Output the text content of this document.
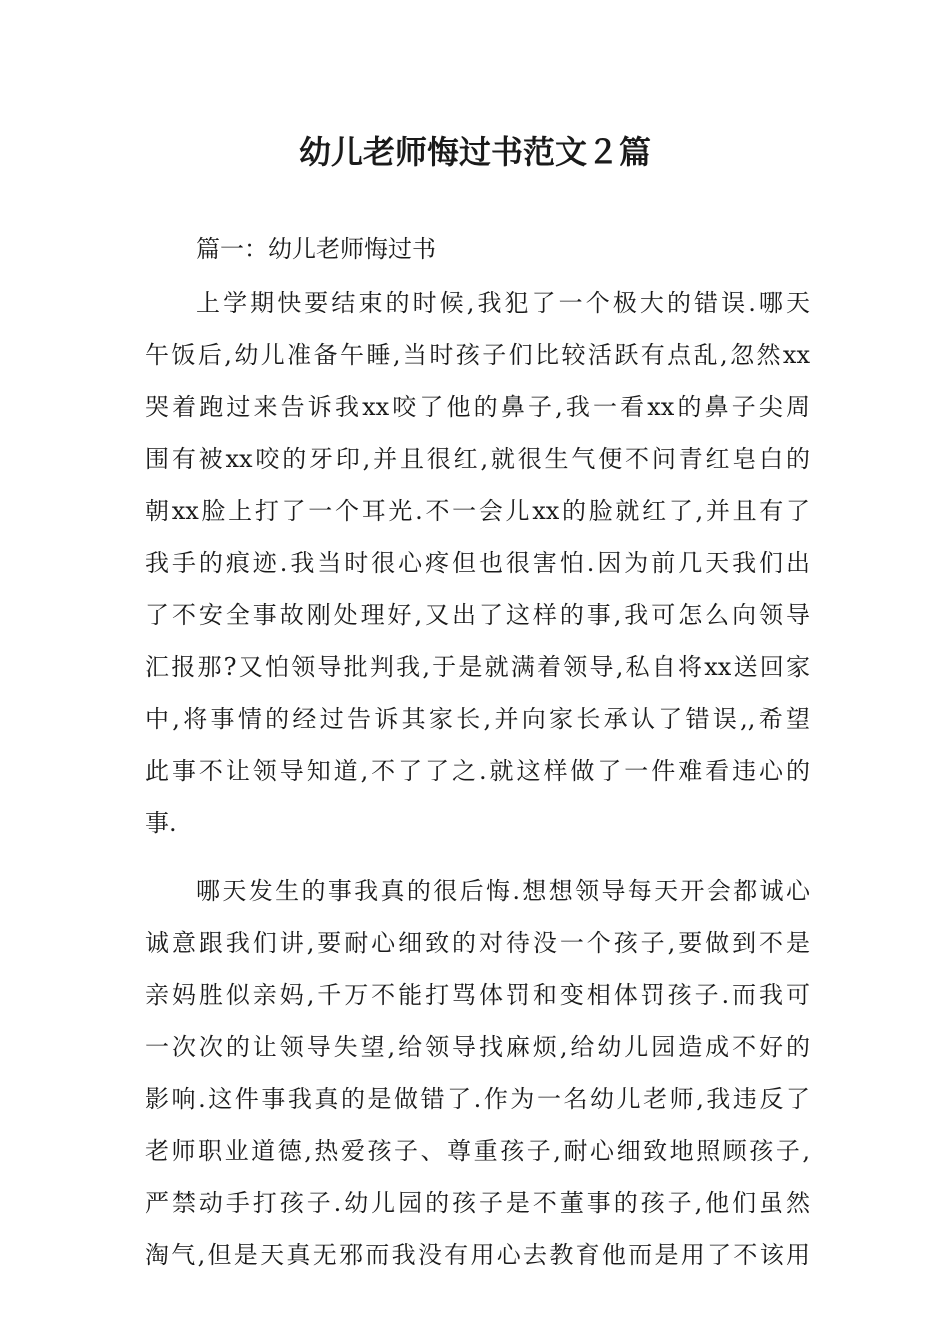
幼儿老师悔过书范文２篇

篇一：幼儿老师悔过书

上学期快要结束的时候,我犯了一个极大的错误.哪天

午饭后,幼儿准备午睡,当时孩子们比较活跃有点乱,忽然xx

哭着跑过来告诉我xx咬了他的鼻子,我一看xx的鼻子尖周

围有被xx咬的牙印,并且很红,就很生气便不问青红皂白的

朝xx脸上打了一个耳光.不一会儿xx的脸就红了,并且有了

我手的痕迹.我当时很心疼但也很害怕.因为前几天我们出

了不安全事故刚处理好,又出了这样的事,我可怎么向领导

汇报那?又怕领导批判我,于是就满着领导,私自将xx送回家

中,将事情的经过告诉其家长,并向家长承认了错误,,希望

此事不让领导知道,不了了之.就这样做了一件难看违心的

事.

哪天发生的事我真的很后悔.想想领导每天开会都诚心

诚意跟我们讲,要耐心细致的对待没一个孩子,要做到不是

亲妈胜似亲妈,千万不能打骂体罚和变相体罚孩子.而我可

一次次的让领导失望,给领导找麻烦,给幼儿园造成不好的

影响.这件事我真的是做错了.作为一名幼儿老师,我违反了

老师职业道德,热爱孩子、尊重孩子,耐心细致地照顾孩子,

严禁动手打孩子.幼儿园的孩子是不董事的孩子,他们虽然

淘气,但是天真无邪而我没有用心去教育他而是用了不该用
